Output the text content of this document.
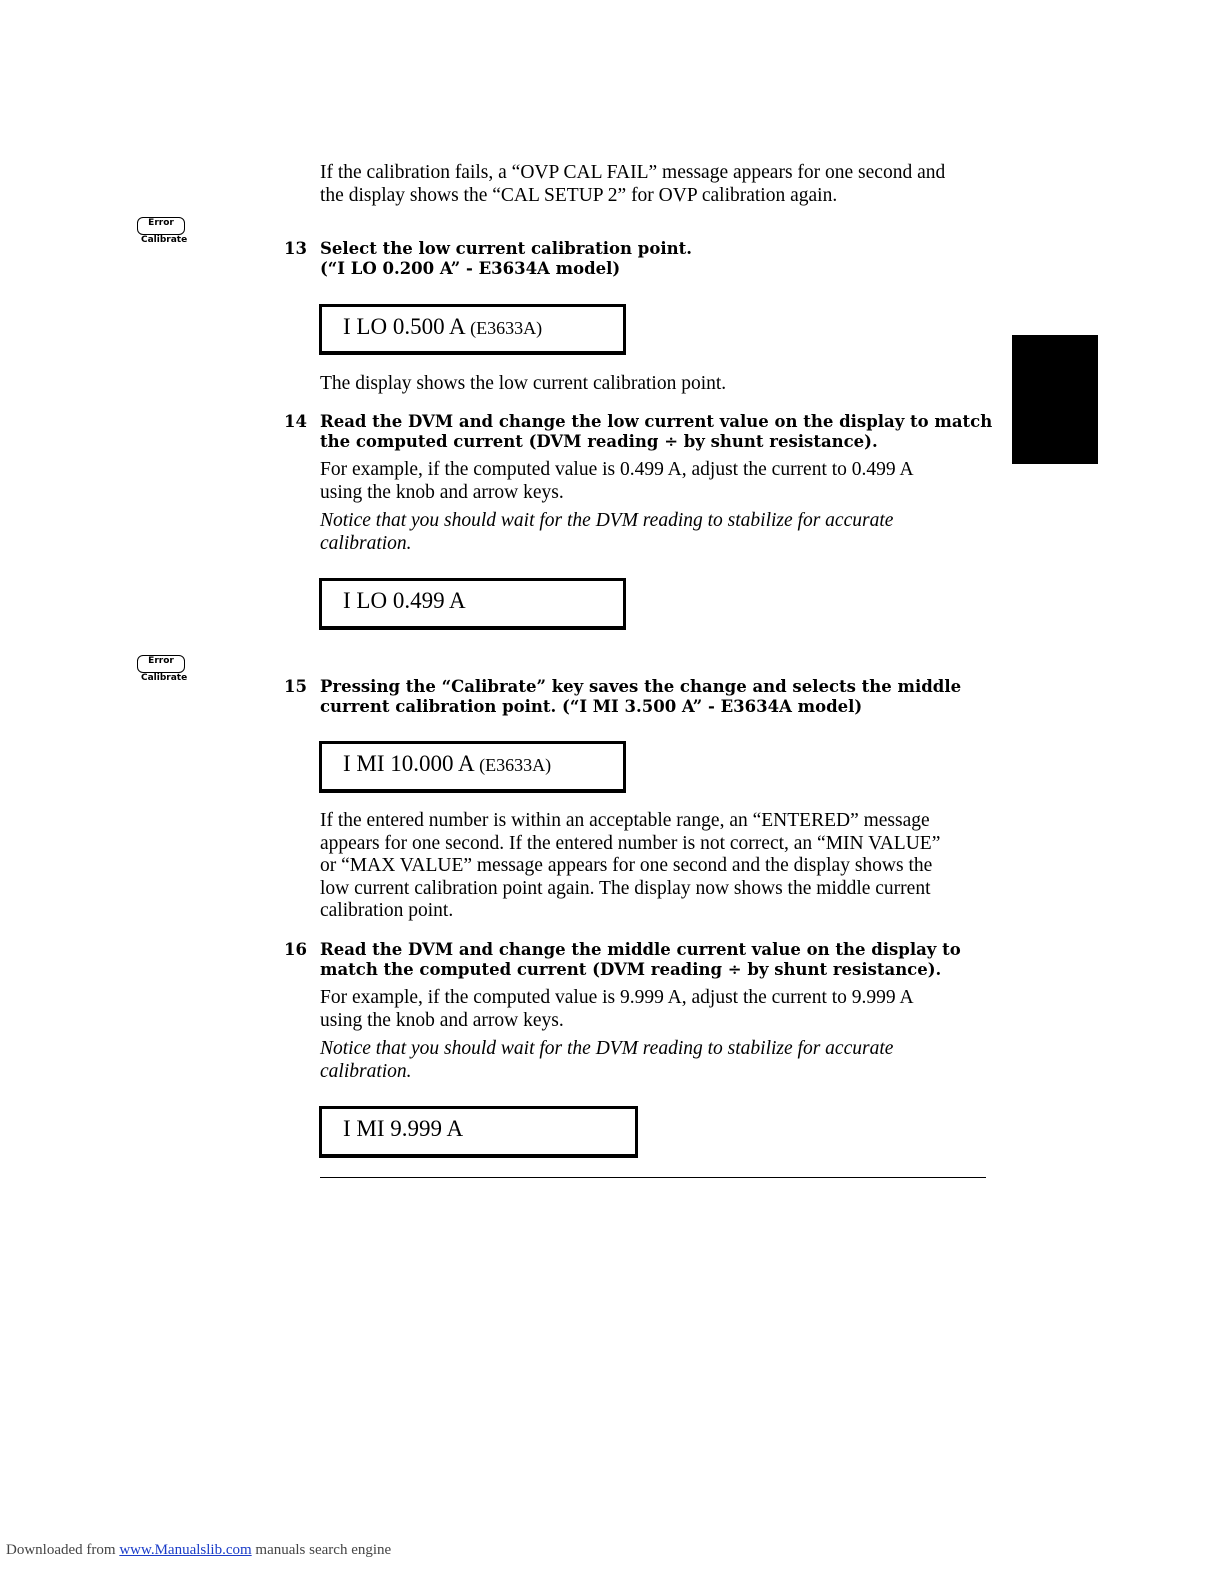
If the calibration fails, a “OVP CAL FAIL” message appears for one second and
the display shows the “CAL SETUP 2” for OVP calibration again.
Error
Calibrate	13 Select the low current calibration point.
(“I LO 0.200 A” - E3634A model)
I LO 0.500 A (E3633A)
The display shows the low current calibration point.
14 Read the DVM and change the low current value on the display to match
the computed current (DVM reading ÷ by shunt resistance).
For example, if the computed value is 0.499 A, adjust the current to 0.499 A
using the knob and arrow keys.
Notice that you should wait for the DVM reading to stabilize for accurate
calibration.
I LO 0.499 A
Error
Calibrate	15 Pressing the “Calibrate” key saves the change and selects the middle
current calibration point. (“I MI 3.500 A” - E3634A model)
I MI 10.000 A (E3633A)
If the entered number is within an acceptable range, an “ENTERED” message
appears for one second. If the entered number is not correct, an “MIN VALUE”
or “MAX VALUE” message appears for one second and the display shows the
low current calibration point again. The display now shows the middle current
calibration point.
16 Read the DVM and change the middle current value on the display to
match the computed current (DVM reading ÷ by shunt resistance).
For example, if the computed value is 9.999 A, adjust the current to 9.999 A
using the knob and arrow keys.
Notice that you should wait for the DVM reading to stabilize for accurate
calibration.
I MI 9.999 A
Downloaded from www.Manualslib.com manuals search engine
